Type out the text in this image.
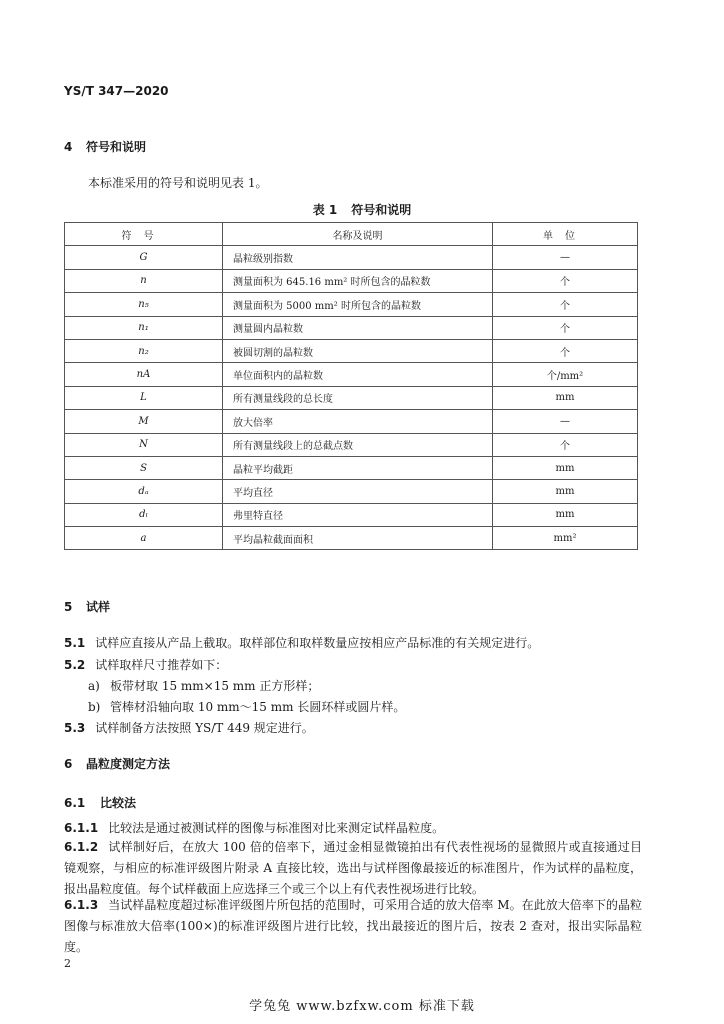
YS/T 347—2020
4 符号和说明
本标准采用的符号和说明见表 1。
表 1 符号和说明
符号	名称及说明	单位
G	晶粒级别指数	—
n	测量面积为 645.16 mm² 时所包含的晶粒数	个
n₅	测量面积为 5000 mm² 时所包含的晶粒数	个
n₁	测量圆内晶粒数	个
n₂	被圆切割的晶粒数	个
nA	单位面积内的晶粒数	个/mm²
L	所有测量线段的总长度	mm
M	放大倍率	—
N	所有测量线段上的总截点数	个
S	晶粒平均截距	mm
dₐ	平均直径	mm
dₗ	弗里特直径	mm
a	平均晶粒截面面积	mm²
5 试样
5.1 试样应直接从产品上截取。取样部位和取样数量应按相应产品标准的有关规定进行。
5.2 试样取样尺寸推荐如下：
a) 板带材取 15 mm×15 mm 正方形样；
b) 管棒材沿轴向取 10 mm～15 mm 长圆环样或圆片样。
5.3 试样制备方法按照 YS/T 449 规定进行。
6 晶粒度测定方法
6.1 比较法
6.1.1 比较法是通过被测试样的图像与标准图对比来测定试样晶粒度。
6.1.2 试样制好后，在放大 100 倍的倍率下，通过金相显微镜拍出有代表性视场的显微照片或直接通过目镜观察，与相应的标准评级图片附录 A 直接比较，选出与试样图像最接近的标准图片，作为试样的晶粒度，报出晶粒度值。每个试样截面上应选择三个或三个以上有代表性视场进行比较。
6.1.3 当试样晶粒度超过标准评级图片所包括的范围时，可采用合适的放大倍率 M。在此放大倍率下的晶粒图像与标准放大倍率(100×)的标准评级图片进行比较，找出最接近的图片后，按表 2 查对，报出实际晶粒度。
2
学兔兔 www.bzfxw.com 标准下载
